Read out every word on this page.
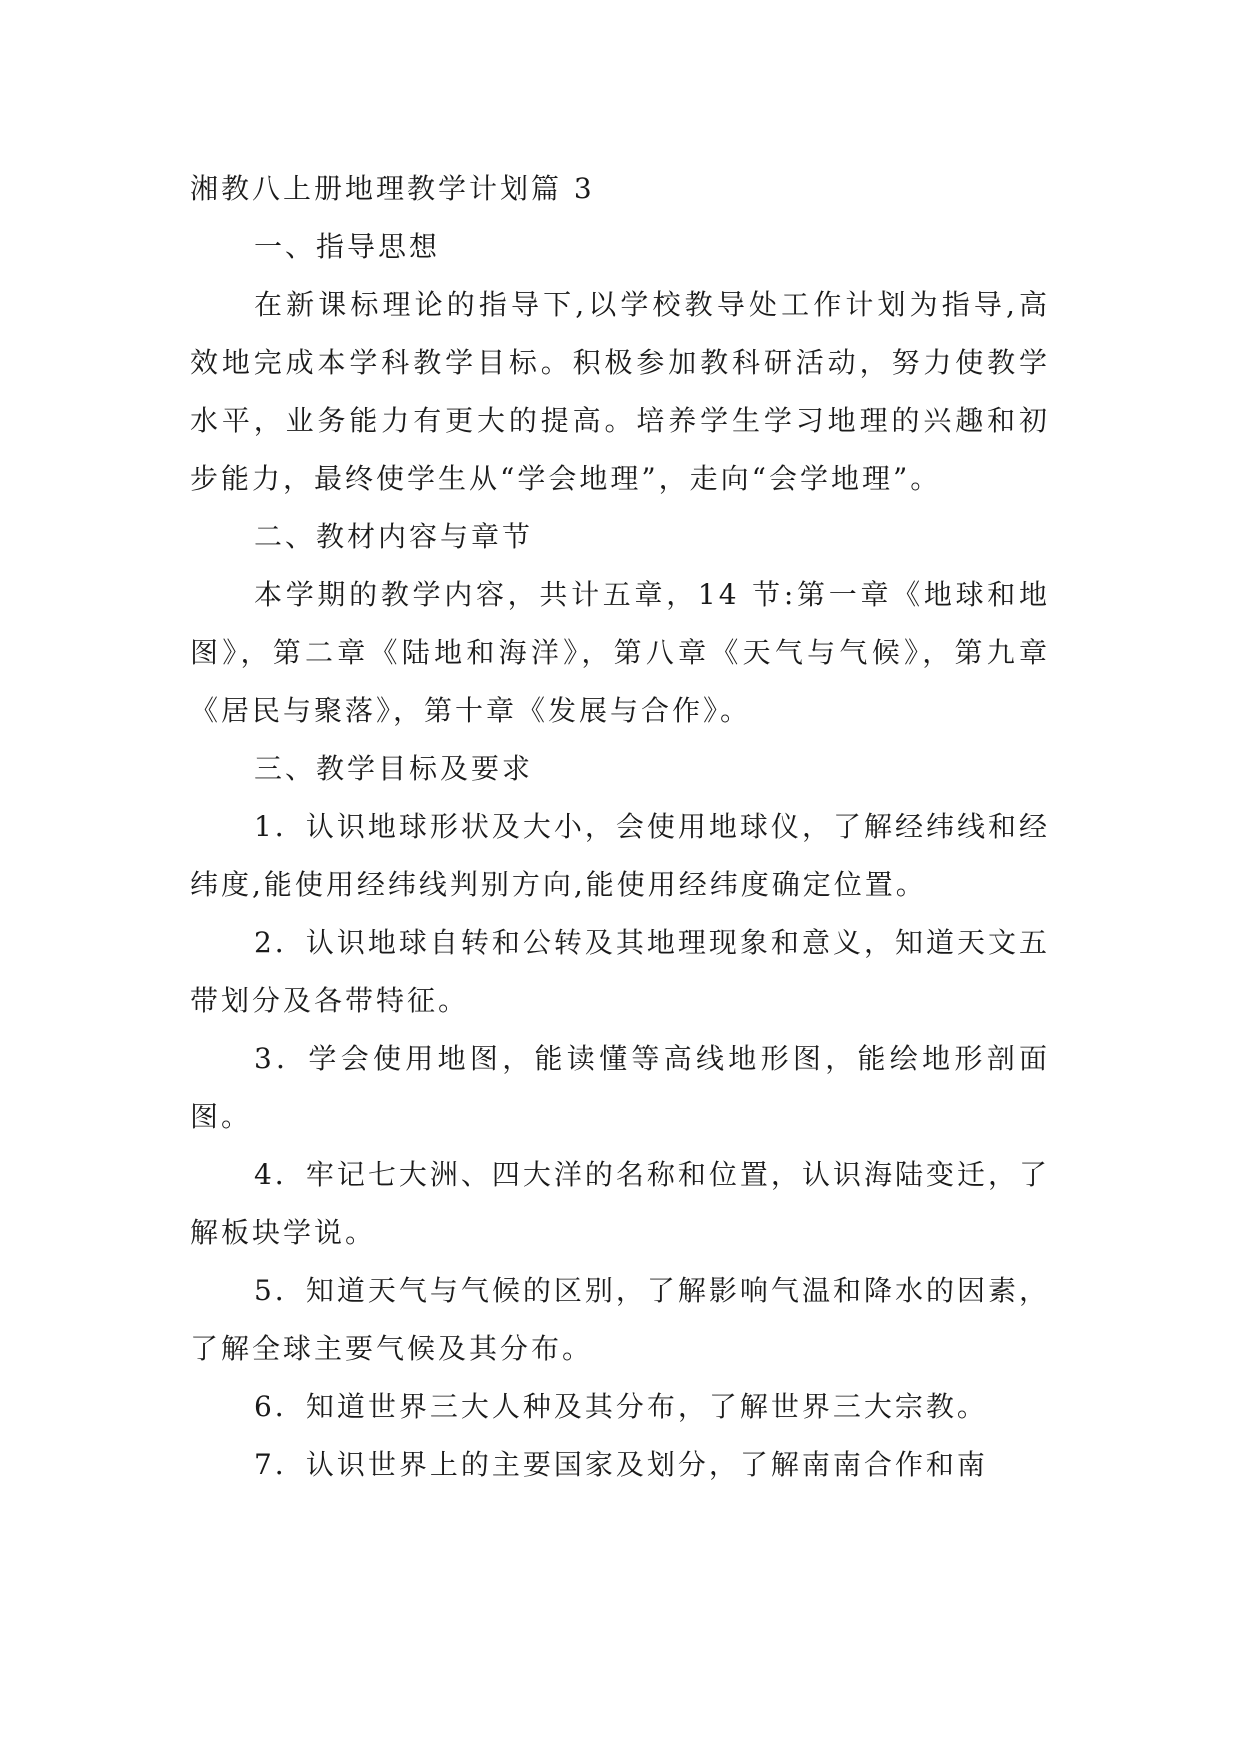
湘教八上册地理教学计划篇 3

一、指导思想

在新课标理论的指导下,以学校教导处工作计划为指导,高效地完成本学科教学目标。积极参加教科研活动，努力使教学水平，业务能力有更大的提高。培养学生学习地理的兴趣和初步能力，最终使学生从“学会地理”，走向“会学地理”。

二、教材内容与章节

本学期的教学内容，共计五章，14 节:第一章《地球和地图》，第二章《陆地和海洋》，第八章《天气与气候》，第九章《居民与聚落》，第十章《发展与合作》。

三、教学目标及要求

1．认识地球形状及大小，会使用地球仪，了解经纬线和经纬度,能使用经纬线判别方向,能使用经纬度确定位置。

2．认识地球自转和公转及其地理现象和意义，知道天文五带划分及各带特征。

3．学会使用地图，能读懂等高线地形图，能绘地形剖面图。

4．牢记七大洲、四大洋的名称和位置，认识海陆变迁，了解板块学说。

5．知道天气与气候的区别，了解影响气温和降水的因素，了解全球主要气候及其分布。

6．知道世界三大人种及其分布，了解世界三大宗教。

7．认识世界上的主要国家及划分，了解南南合作和南
